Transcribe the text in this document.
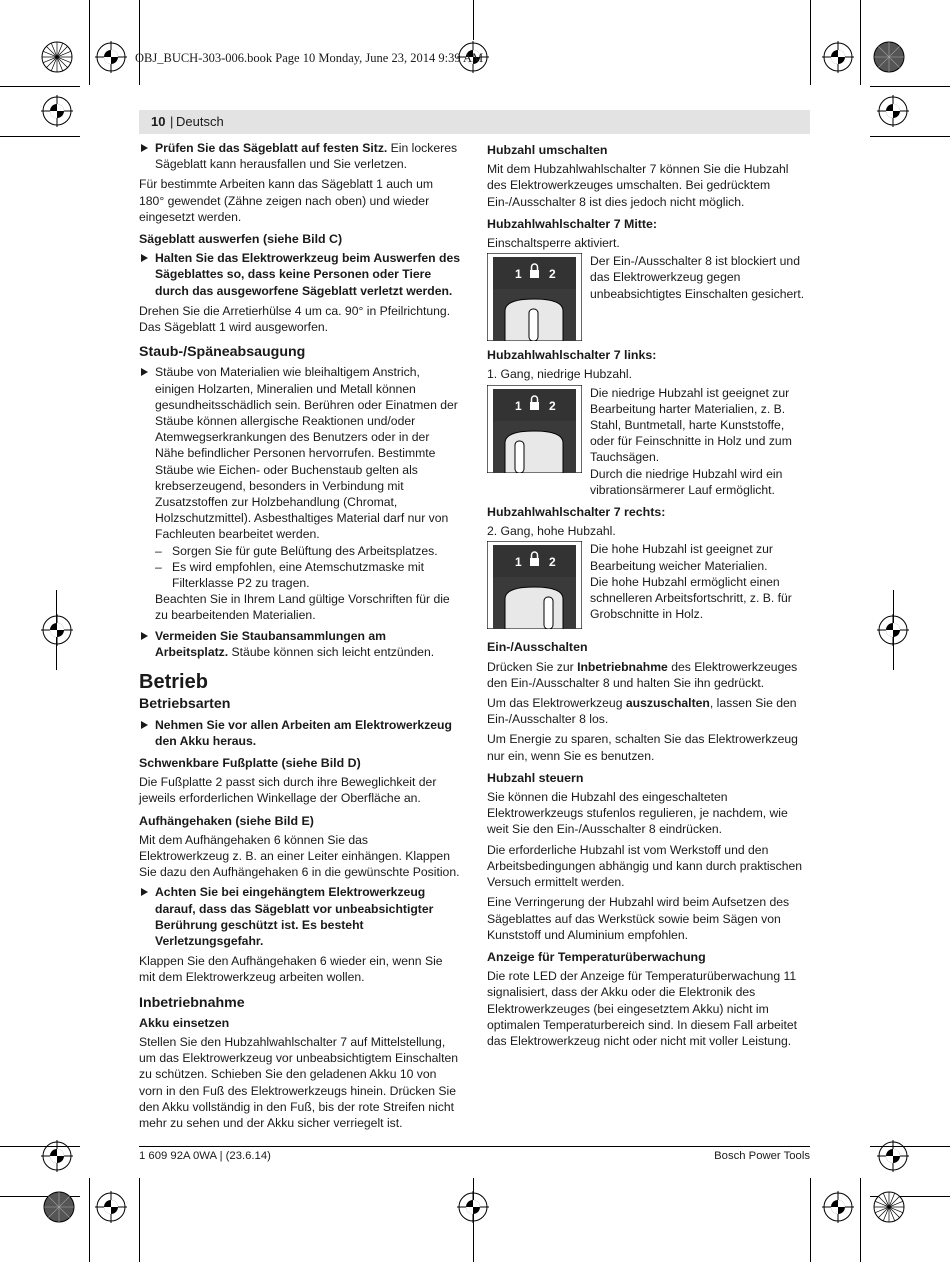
OBJ_BUCH-303-006.book Page 10 Monday, June 23, 2014 9:39 AM
10 | Deutsch
Prüfen Sie das Sägeblatt auf festen Sitz. Ein lockeres Sägeblatt kann herausfallen und Sie verletzen.

Für bestimmte Arbeiten kann das Sägeblatt 1 auch um 180° gewendet (Zähne zeigen nach oben) und wieder eingesetzt werden.

Sägeblatt auswerfen (siehe Bild C)
Halten Sie das Elektrowerkzeug beim Auswerfen des Sägeblattes so, dass keine Personen oder Tiere durch das ausgeworfene Sägeblatt verletzt werden.

Drehen Sie die Arretierhülse 4 um ca. 90° in Pfeilrichtung. Das Sägeblatt 1 wird ausgeworfen.

Staub-/Späneabsaugung
Stäube von Materialien wie bleihaltigem Anstrich, einigen Holzarten, Mineralien und Metall können gesundheitsschädlich sein. Berühren oder Einatmen der Stäube können allergische Reaktionen und/oder Atemwegserkrankungen des Benutzers oder in der Nähe befindlicher Personen hervorrufen. Bestimmte Stäube wie Eichen- oder Buchenstaub gelten als krebserzeugend, besonders in Verbindung mit Zusatzstoffen zur Holzbehandlung (Chromat, Holzschutzmittel). Asbesthaltiges Material darf nur von Fachleuten bearbeitet werden.
– Sorgen Sie für gute Belüftung des Arbeitsplatzes.
– Es wird empfohlen, eine Atemschutzmaske mit Filterklasse P2 zu tragen.

Beachten Sie in Ihrem Land gültige Vorschriften für die zu bearbeitenden Materialien.

Vermeiden Sie Staubansammlungen am Arbeitsplatz. Stäube können sich leicht entzünden.
Betrieb
Betriebsarten
Nehmen Sie vor allen Arbeiten am Elektrowerkzeug den Akku heraus.
Schwenkbare Fußplatte (siehe Bild D)

Die Fußplatte 2 passt sich durch ihre Beweglichkeit der jeweils erforderlichen Winkellage der Oberfläche an.

Aufhängehaken (siehe Bild E)

Mit dem Aufhängehaken 6 können Sie das Elektrowerkzeug z. B. an einer Leiter einhängen. Klappen Sie dazu den Aufhängehaken 6 in die gewünschte Position.

Achten Sie bei eingehängtem Elektrowerkzeug darauf, dass das Sägeblatt vor unbeabsichtigter Berührung geschützt ist. Es besteht Verletzungsgefahr.

Klappen Sie den Aufhängehaken 6 wieder ein, wenn Sie mit dem Elektrowerkzeug arbeiten wollen.

Inbetriebnahme
Akku einsetzen

Stellen Sie den Hubzahlwahlschalter 7 auf Mittelstellung, um das Elektrowerkzeug vor unbeabsichtigtem Einschalten zu schützen. Schieben Sie den geladenen Akku 10 von vorn in den Fuß des Elektrowerkzeugs hinein. Drücken Sie den Akku vollständig in den Fuß, bis der rote Streifen nicht mehr zu sehen und der Akku sicher verriegelt ist.

Hubzahl umschalten

Mit dem Hubzahlwahlschalter 7 können Sie die Hubzahl des Elektrowerkzeuges umschalten. Bei gedrücktem Ein-/Ausschalter 8 ist dies jedoch nicht möglich.

Hubzahlwahlschalter 7 Mitte:

Einschaltsperre aktiviert.

1 2

Der Ein-/Ausschalter 8 ist blockiert und das Elektrowerkzeug gegen unbeabsichtigtes Einschalten gesichert.

Hubzahlwahlschalter 7 links:

1. Gang, niedrige Hubzahl.

1 2

Die niedrige Hubzahl ist geeignet zur Bearbeitung harter Materialien, z. B. Stahl, Buntmetall, harte Kunststoffe, oder für Feinschnitte in Holz und zum Tauchsägen.

Durch die niedrige Hubzahl wird ein vibrationsärmerer Lauf ermöglicht.

Hubzahlwahlschalter 7 rechts:

2. Gang, hohe Hubzahl.

1 2

Die hohe Hubzahl ist geeignet zur Bearbeitung weicher Materialien.

Die hohe Hubzahl ermöglicht einen schnelleren Arbeitsfortschritt, z. B. für Grobschnitte in Holz.

Ein-/Ausschalten

Drücken Sie zur Inbetriebnahme des Elektrowerkzeuges den Ein-/Ausschalter 8 und halten Sie ihn gedrückt.

Um das Elektrowerkzeug auszuschalten, lassen Sie den Ein-/Ausschalter 8 los.

Um Energie zu sparen, schalten Sie das Elektrowerkzeug nur ein, wenn Sie es benutzen.

Hubzahl steuern

Sie können die Hubzahl des eingeschalteten Elektrowerkzeugs stufenlos regulieren, je nachdem, wie weit Sie den Ein-/Ausschalter 8 eindrücken.

Die erforderliche Hubzahl ist vom Werkstoff und den Arbeitsbedingungen abhängig und kann durch praktischen Versuch ermittelt werden.

Eine Verringerung der Hubzahl wird beim Aufsetzen des Sägeblattes auf das Werkstück sowie beim Sägen von Kunststoff und Aluminium empfohlen.

Anzeige für Temperaturüberwachung

Die rote LED der Anzeige für Temperaturüberwachung 11 signalisiert, dass der Akku oder die Elektronik des Elektrowerkzeuges (bei eingesetztem Akku) nicht im optimalen Temperaturbereich sind. In diesem Fall arbeitet das Elektrowerkzeug nicht oder nicht mit voller Leistung.

1 609 92A 0WA | (23.6.14)	Bosch Power Tools
